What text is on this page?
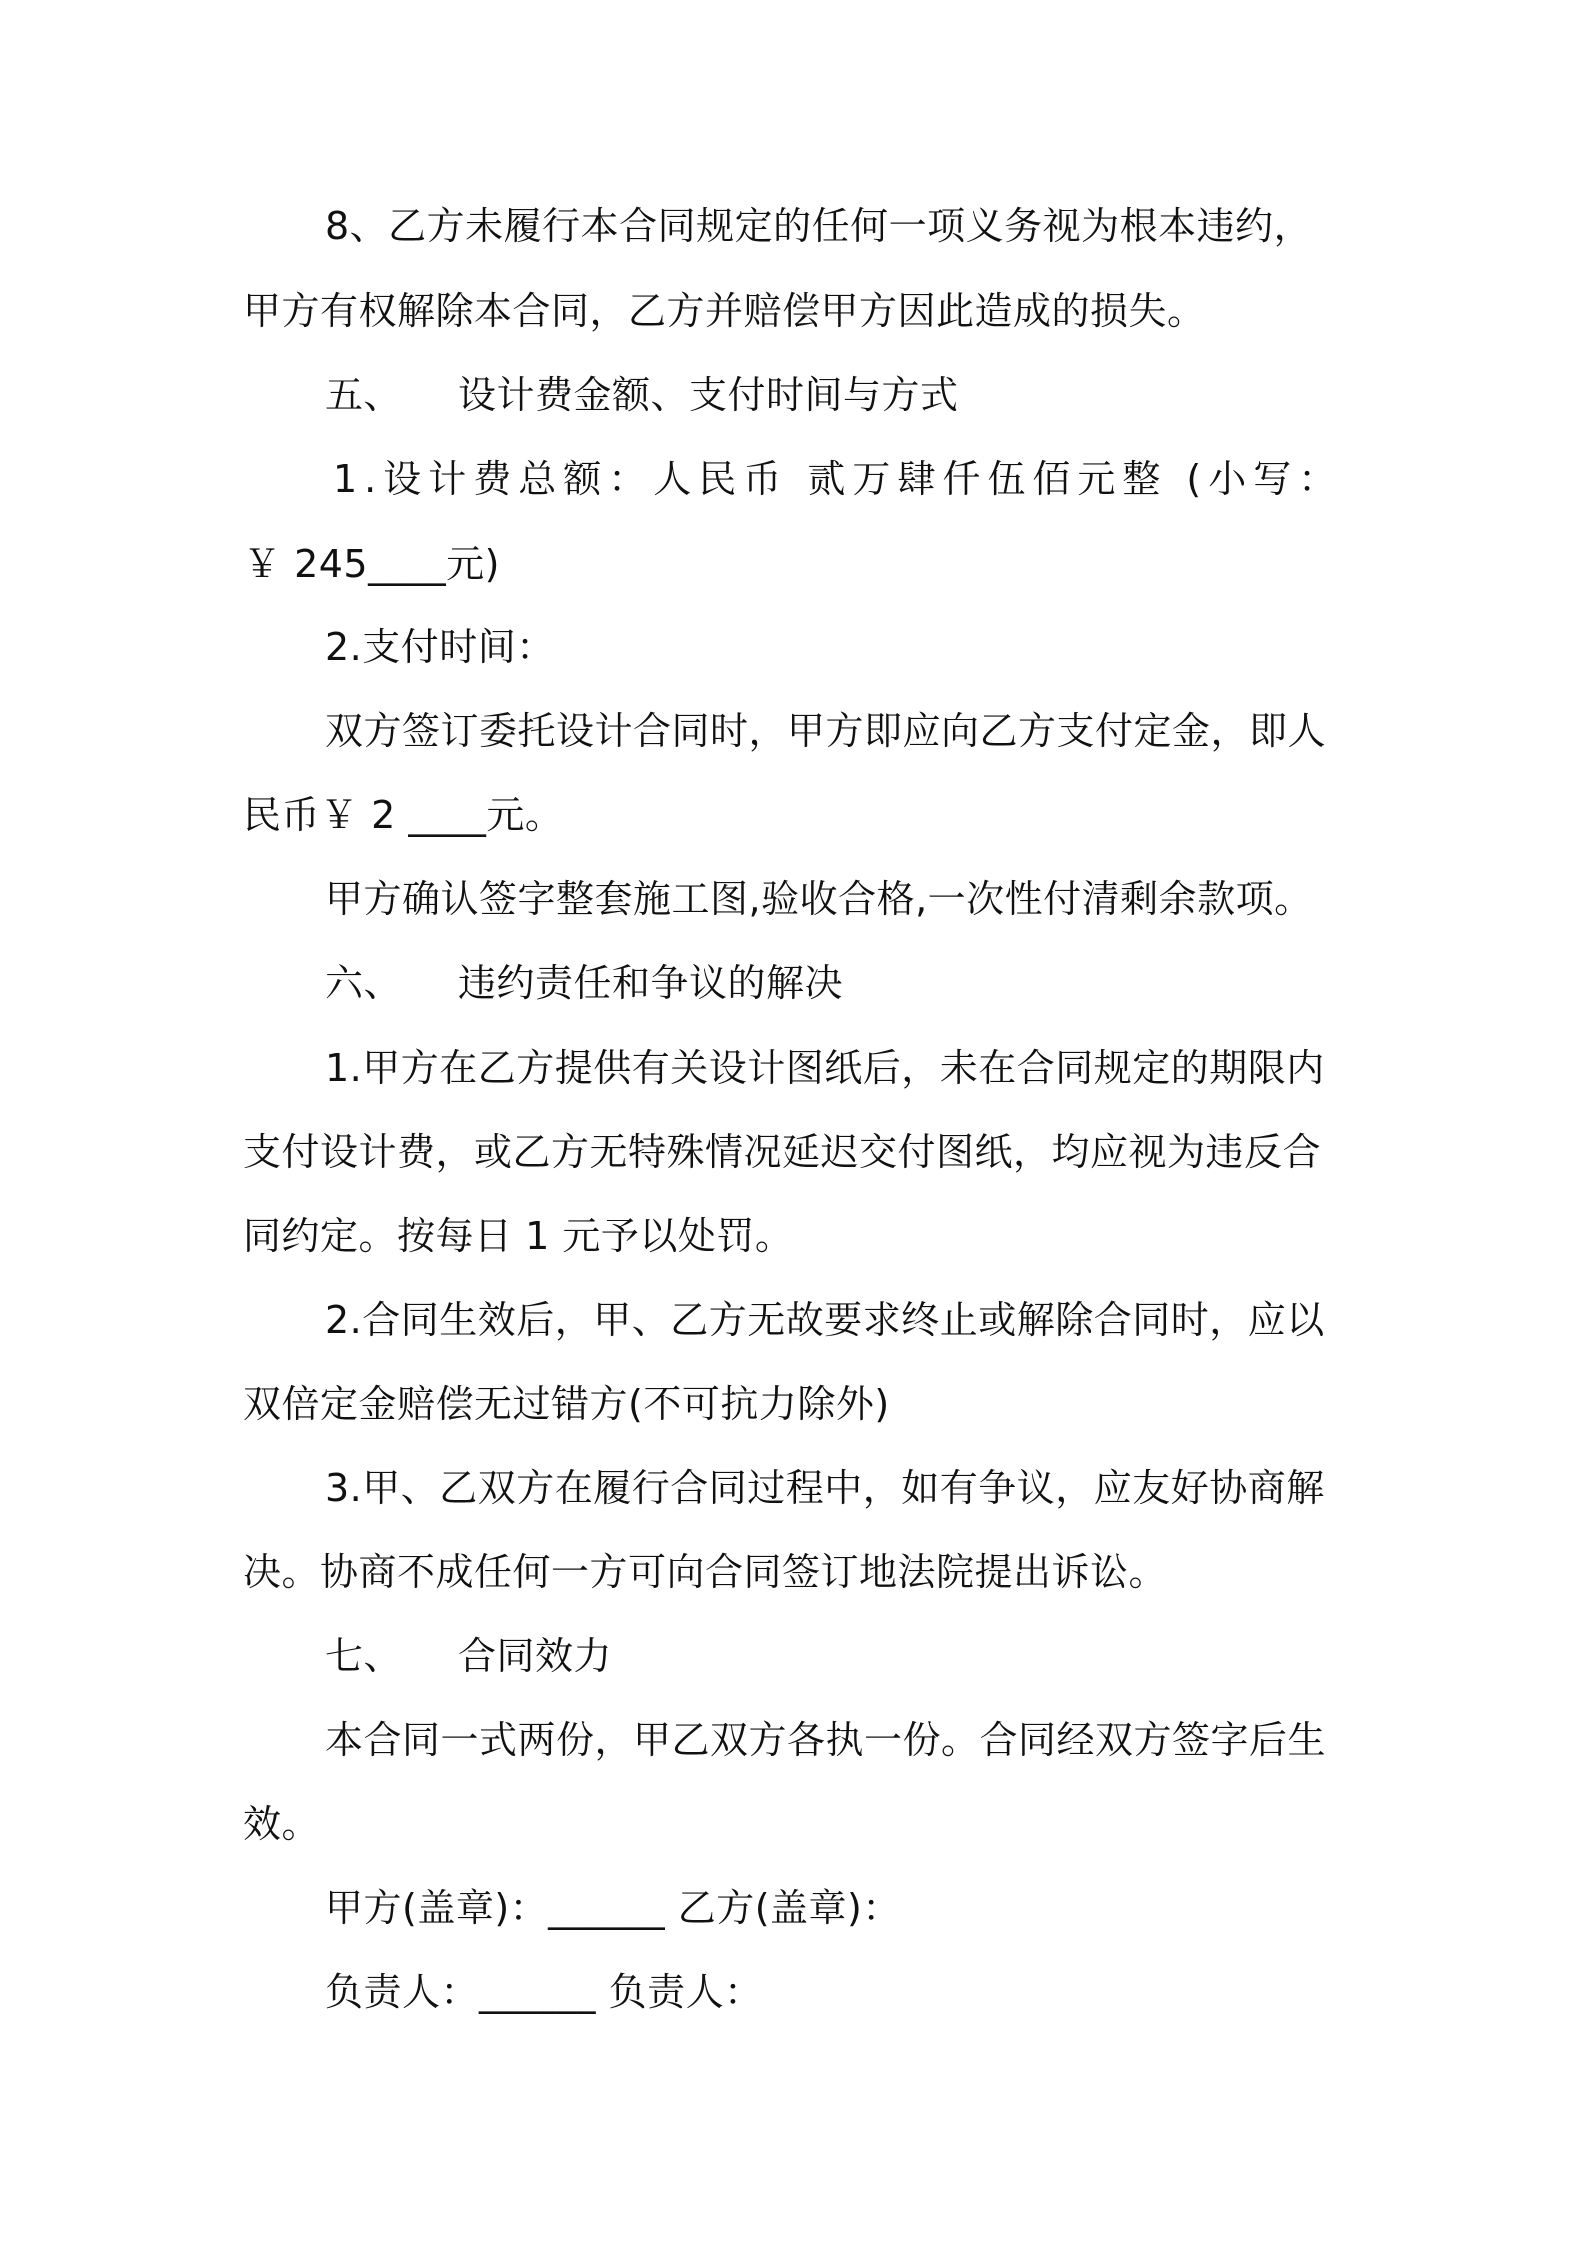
8、乙方未履行本合同规定的任何一项义务视为根本违约，
甲方有权解除本合同，乙方并赔偿甲方因此造成的损失。
五、 设计费金额、支付时间与方式
1.设计费总额：人民币 贰万肆仟伍佰元整 (小写：
￥ 245____元)
2.支付时间：
双方签订委托设计合同时，甲方即应向乙方支付定金，即人
民币￥ 2 ____元。
甲方确认签字整套施工图,验收合格,一次性付清剩余款项。
六、 违约责任和争议的解决
1.甲方在乙方提供有关设计图纸后，未在合同规定的期限内
支付设计费，或乙方无特殊情况延迟交付图纸，均应视为违反合
同约定。按每日 1 元予以处罚。
2.合同生效后，甲、乙方无故要求终止或解除合同时，应以
双倍定金赔偿无过错方(不可抗力除外)
3.甲、乙双方在履行合同过程中，如有争议，应友好协商解
决。协商不成任何一方可向合同签订地法院提出诉讼。
七、 合同效力
本合同一式两份，甲乙双方各执一份。合同经双方签字后生
效。
甲方(盖章)：______ 乙方(盖章)：
负责人：______ 负责人：
